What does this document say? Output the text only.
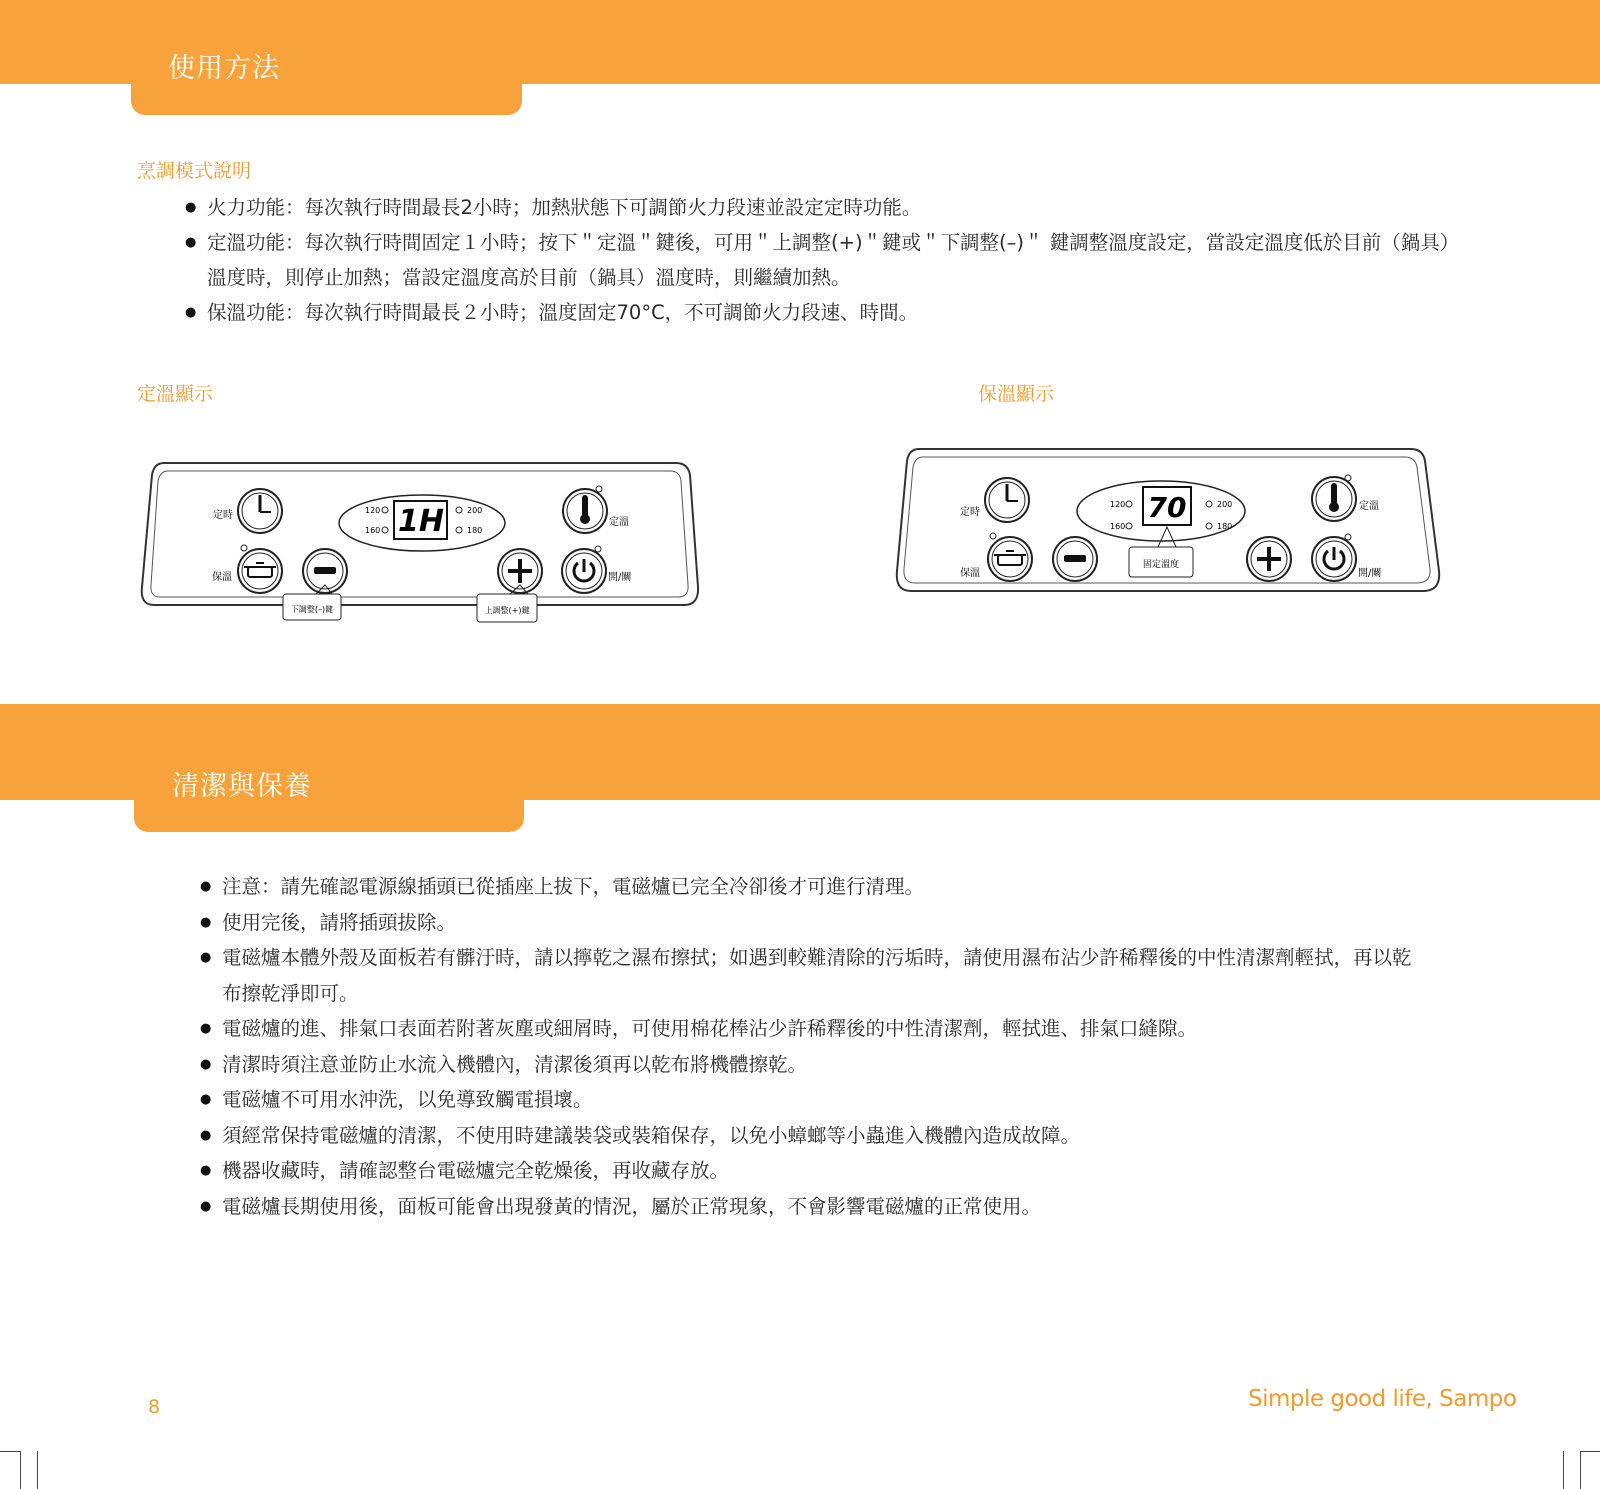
使用方法
烹調模式說明
● 火力功能：每次執行時間最長2小時；加熱狀態下可調節火力段速並設定定時功能。
● 定溫功能：每次執行時間固定１小時；按下＂定溫＂鍵後，可用＂上調整(+)＂鍵或＂下調整(–)＂ 鍵調整溫度設定，當設定溫度低於目前（鍋具）溫度時，則停止加熱；當設定溫度高於目前（鍋具）溫度時，則繼續加熱。
● 保溫功能：每次執行時間最長２小時；溫度固定70°C，不可調節火力段速、時間。
定溫顯示	保溫顯示
定時
保溫
120
160 1H	200
180
定溫
開/關
下調整(–)鍵	上調整(+)鍵
定時
保溫
120
160
70	200
180
固定溫度
定溫
開/關
清潔與保養
● 注意：請先確認電源線插頭已從插座上拔下，電磁爐已完全冷卻後才可進行清理。
● 使用完後，請將插頭拔除。
● 電磁爐本體外殼及面板若有髒汙時，請以擰乾之濕布擦拭；如遇到較難清除的污垢時，請使用濕布沾少許稀釋後的中性清潔劑輕拭，再以乾布擦乾淨即可。
● 電磁爐的進、排氣口表面若附著灰塵或細屑時，可使用棉花棒沾少許稀釋後的中性清潔劑，輕拭進、排氣口縫隙。
● 清潔時須注意並防止水流入機體內，清潔後須再以乾布將機體擦乾。
● 電磁爐不可用水沖洗，以免導致觸電損壞。
● 須經常保持電磁爐的清潔，不使用時建議裝袋或裝箱保存，以免小蟑螂等小蟲進入機體內造成故障。
● 機器收藏時，請確認整台電磁爐完全乾燥後，再收藏存放。
● 電磁爐長期使用後，面板可能會出現發黃的情況，屬於正常現象，不會影響電磁爐的正常使用。
8	Simple good life, Sampo
